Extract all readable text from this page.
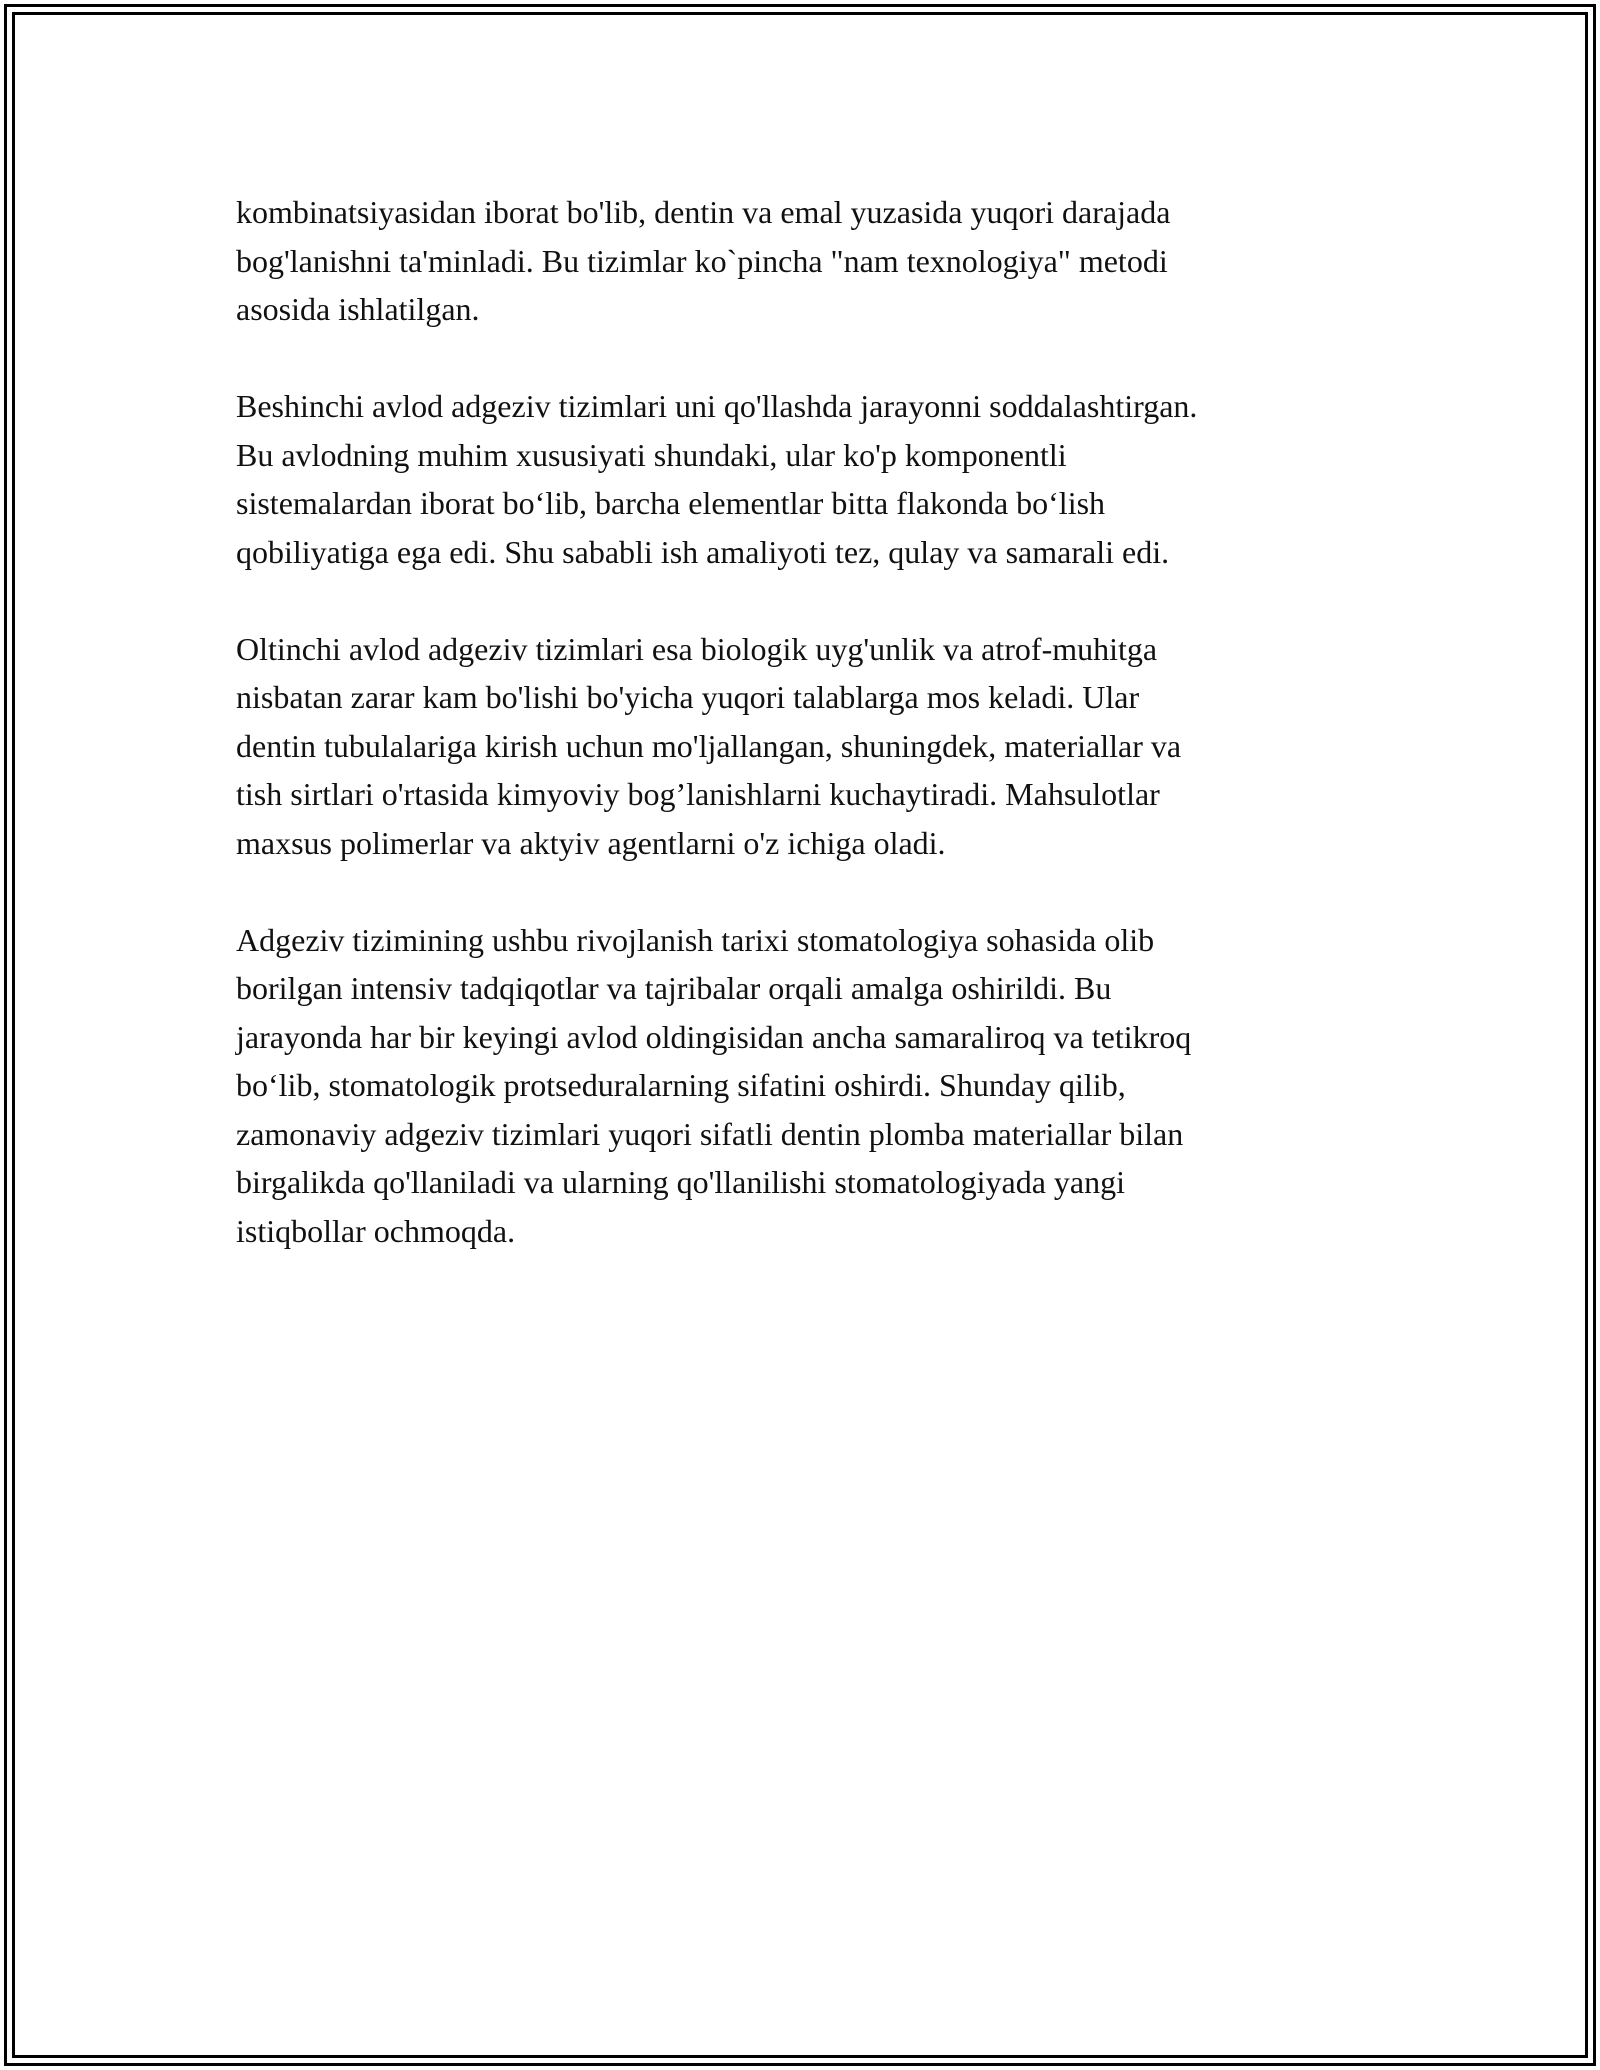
kombinatsiyasidan iborat bo'lib, dentin va emal yuzasida yuqori darajada
bog'lanishni ta'minladi. Bu tizimlar ko`pincha "nam texnologiya" metodi
asosida ishlatilgan.

Beshinchi avlod adgeziv tizimlari uni qo'llashda jarayonni soddalashtirgan.
Bu avlodning muhim xususiyati shundaki, ular ko'p komponentli
sistemalardan iborat bo‘lib, barcha elementlar bitta flakonda bo‘lish
qobiliyatiga ega edi. Shu sababli ish amaliyoti tez, qulay va samarali edi.

Oltinchi avlod adgeziv tizimlari esa biologik uyg'unlik va atrof-muhitga
nisbatan zarar kam bo'lishi bo'yicha yuqori talablarga mos keladi. Ular
dentin tubulalariga kirish uchun mo'ljallangan, shuningdek, materiallar va
tish sirtlari o'rtasida kimyoviy bog’lanishlarni kuchaytiradi. Mahsulotlar
maxsus polimerlar va aktyiv agentlarni o'z ichiga oladi.

Adgeziv tizimining ushbu rivojlanish tarixi stomatologiya sohasida olib
borilgan intensiv tadqiqotlar va tajribalar orqali amalga oshirildi. Bu
jarayonda har bir keyingi avlod oldingisidan ancha samaraliroq va tetikroq
bo‘lib, stomatologik protseduralarning sifatini oshirdi. Shunday qilib,
zamonaviy adgeziv tizimlari yuqori sifatli dentin plomba materiallar bilan
birgalikda qo'llaniladi va ularning qo'llanilishi stomatologiyada yangi
istiqbollar ochmoqda.
